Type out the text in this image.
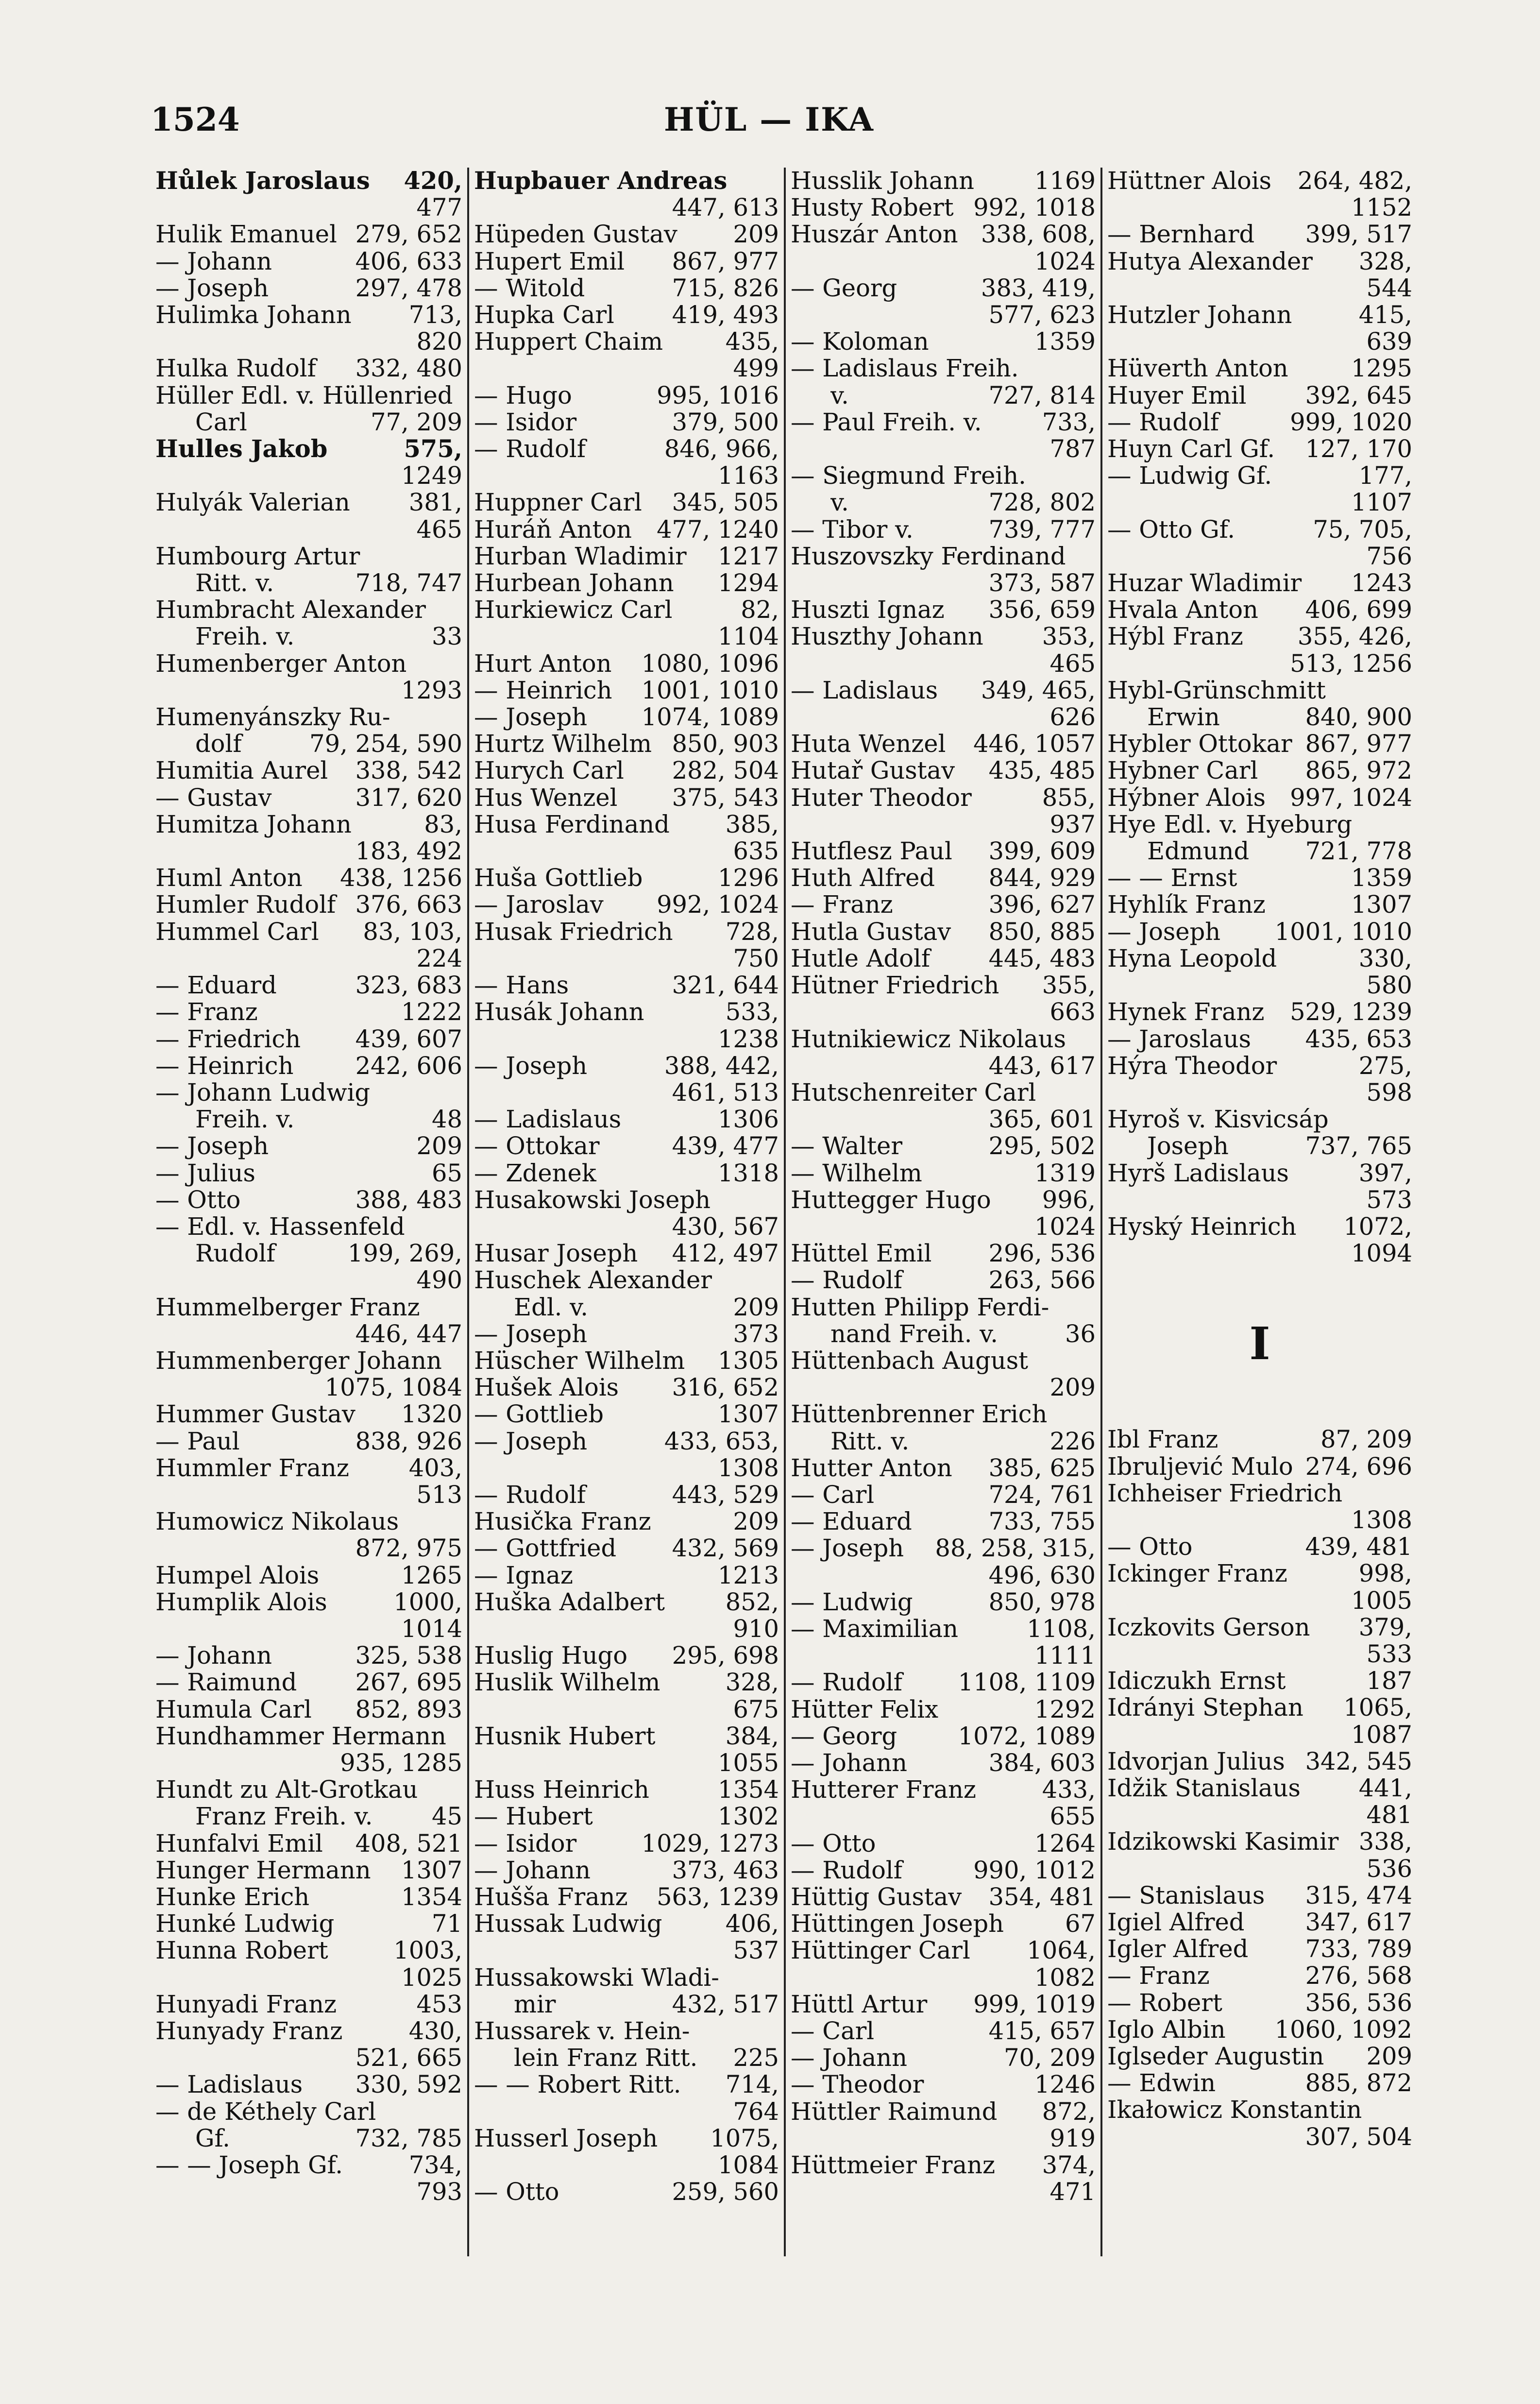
1524	HÜL — IKA
Hůlek Jaroslaus	420,
477
Hulik Emanuel 279, 652
— Johann	406, 633
— Joseph	297, 478
Hulimka Johann	713,
820
Hulka Rudolf	332, 480
Hüller Edl. v. Hüllenried
Carl	77, 209
Hulles Jakob	575,
1249
Hulyák Valerian	381,
465
Humbourg Artur
Ritt. v.	718, 747
Humbracht Alexander
Freih. v.	33
Humenberger Anton
1293
Humenyánszky Ru-
dolf	79, 254, 590
Humitia Aurel	338, 542
— Gustav	317, 620
Humitza Johann	83,
183, 492
Huml Anton	438, 1256
Humler Rudolf 376, 663
Hummel Carl	83, 103,
224
— Eduard	323, 683
— Franz	1222
— Friedrich	439, 607
— Heinrich	242, 606
— Johann Ludwig
Freih. v.	48
— Joseph	209
— Julius	65
— Otto	388, 483
— Edl. v. Hassenfeld
Rudolf	199, 269,
490
Hummelberger Franz
446, 447
Hummenberger Johann
1075, 1084
Hummer Gustav	1320
— Paul	838, 926
Hummler Franz	403,
513
Humowicz Nikolaus
872, 975
Humpel Alois	1265
Humplik Alois	1000,
1014
— Johann	325, 538
— Raimund	267, 695
Humula Carl	852, 893
Hundhammer Hermann
935, 1285
Hundt zu Alt-Grotkau
Franz Freih. v.	45
Hunfalvi Emil	408, 521
Hunger Hermann	1307
Hunke Erich	1354
Hunké Ludwig	71
Hunna Robert	1003,
1025
Hunyadi Franz	453
Hunyady Franz	430,
521, 665
— Ladislaus	330, 592
— de Kéthely Carl
Gf.	732, 785
— — Joseph Gf.	734,
793
Hupbauer Andreas
447, 613
Hüpeden Gustav	209
Hupert Emil	867, 977
— Witold	715, 826
Hupka Carl	419, 493
Huppert Chaim	435,
499
— Hugo	995, 1016
— Isidor	379, 500
— Rudolf	846, 966,
1163
Huppner Carl	345, 505
Huráň Anton	477, 1240
Hurban Wladimir	1217
Hurbean Johann	1294
Hurkiewicz Carl	82,
1104
Hurt Anton	1080, 1096
— Heinrich	1001, 1010
— Joseph	1074, 1089
Hurtz Wilhelm 850, 903
Hurych Carl	282, 504
Hus Wenzel	375, 543
Husa Ferdinand	385,
635
Huša Gottlieb	1296
— Jaroslav	992, 1024
Husak Friedrich	728,
750
— Hans	321, 644
Husák Johann	533,
1238
— Joseph	388, 442,
461, 513
— Ladislaus	1306
— Ottokar	439, 477
— Zdenek	1318
Husakowski Joseph
430, 567
Husar Joseph	412, 497
Huschek Alexander
Edl. v.	209
— Joseph	373
Hüscher Wilhelm	1305
Hušek Alois	316, 652
— Gottlieb	1307
— Joseph	433, 653,
1308
— Rudolf	443, 529
Husička Franz	209
— Gottfried	432, 569
— Ignaz	1213
Huška Adalbert	852,
910
Huslig Hugo	295, 698
Huslik Wilhelm	328,
675
Husnik Hubert	384,
1055
Huss Heinrich	1354
— Hubert	1302
— Isidor	1029, 1273
— Johann	373, 463
Hušša Franz	563, 1239
Hussak Ludwig	406,
537
Hussakowski Wladi-
mir	432, 517
Hussarek v. Hein-
lein Franz Ritt.	225
— — Robert Ritt.	714,
764
Husserl Joseph	1075,
1084
— Otto	259, 560
Husslik Johann	1169
Husty Robert 992, 1018
Huszár Anton 338, 608,
1024
— Georg	383, 419,
577, 623
— Koloman	1359
— Ladislaus Freih.
v.	727, 814
— Paul Freih. v.	733,
787
— Siegmund Freih.
v.	728, 802
— Tibor v.	739, 777
Huszovszky Ferdinand
373, 587
Huszti Ignaz	356, 659
Huszthy Johann	353,
465
— Ladislaus	349, 465,
626
Huta Wenzel	446, 1057
Hutař Gustav	435, 485
Huter Theodor	855,
937
Hutflesz Paul	399, 609
Huth Alfred	844, 929
— Franz	396, 627
Hutla Gustav	850, 885
Hutle Adolf	445, 483
Hütner Friedrich	355,
663
Hutnikiewicz Nikolaus
443, 617
Hutschenreiter Carl
365, 601
— Walter	295, 502
— Wilhelm	1319
Huttegger Hugo	996,
1024
Hüttel Emil	296, 536
— Rudolf	263, 566
Hutten Philipp Ferdi-
nand Freih. v.	36
Hüttenbach August
209
Hüttenbrenner Erich
Ritt. v.	226
Hutter Anton	385, 625
— Carl	724, 761
— Eduard	733, 755
— Joseph	88, 258, 315,
496, 630
— Ludwig	850, 978
— Maximilian	1108,
1111
— Rudolf	1108, 1109
Hütter Felix	1292
— Georg	1072, 1089
— Johann	384, 603
Hutterer Franz	433,
655
— Otto	1264
— Rudolf	990, 1012
Hüttig Gustav	354, 481
Hüttingen Joseph	67
Hüttinger Carl	1064,
1082
Hüttl Artur	999, 1019
— Carl	415, 657
— Johann	70, 209
— Theodor	1246
Hüttler Raimund	872,
919
Hüttmeier Franz	374,
471
Hüttner Alois	264, 482,
1152
— Bernhard	399, 517
Hutya Alexander	328,
544
Hutzler Johann	415,
639
Hüverth Anton	1295
Huyer Emil	392, 645
— Rudolf	999, 1020
Huyn Carl Gf.	127, 170
— Ludwig Gf.	177,
1107
— Otto Gf.	75, 705,
756
Huzar Wladimir	1243
Hvala Anton	406, 699
Hýbl Franz	355, 426,
513, 1256
Hybl-Grünschmitt
Erwin	840, 900
Hybler Ottokar 867, 977
Hybner Carl	865, 972
Hýbner Alois	997, 1024
Hye Edl. v. Hyeburg
Edmund	721, 778
— — Ernst	1359
Hyhlík Franz	1307
— Joseph	1001, 1010
Hyna Leopold	330,
580
Hynek Franz	529, 1239
— Jaroslaus	435, 653
Hýra Theodor	275,
598
Hyroš v. Kisvicsáp
Joseph	737, 765
Hyrš Ladislaus	397,
573
Hyský Heinrich	1072,
1094
I
Ibl Franz	87, 209
Ibruljević Mulo 274, 696
Ichheiser Friedrich
1308
— Otto	439, 481
Ickinger Franz	998,
1005
Iczkovits Gerson	379,
533
Idiczukh Ernst	187
Idrányi Stephan	1065,
1087
Idvorjan Julius 342, 545
Idžik Stanislaus	441,
481
Idzikowski Kasimir 338,
536
— Stanislaus	315, 474
Igiel Alfred	347, 617
Igler Alfred	733, 789
— Franz	276, 568
— Robert	356, 536
Iglo Albin	1060, 1092
Iglseder Augustin	209
— Edwin	885, 872
Ikałowicz Konstantin
307, 504
